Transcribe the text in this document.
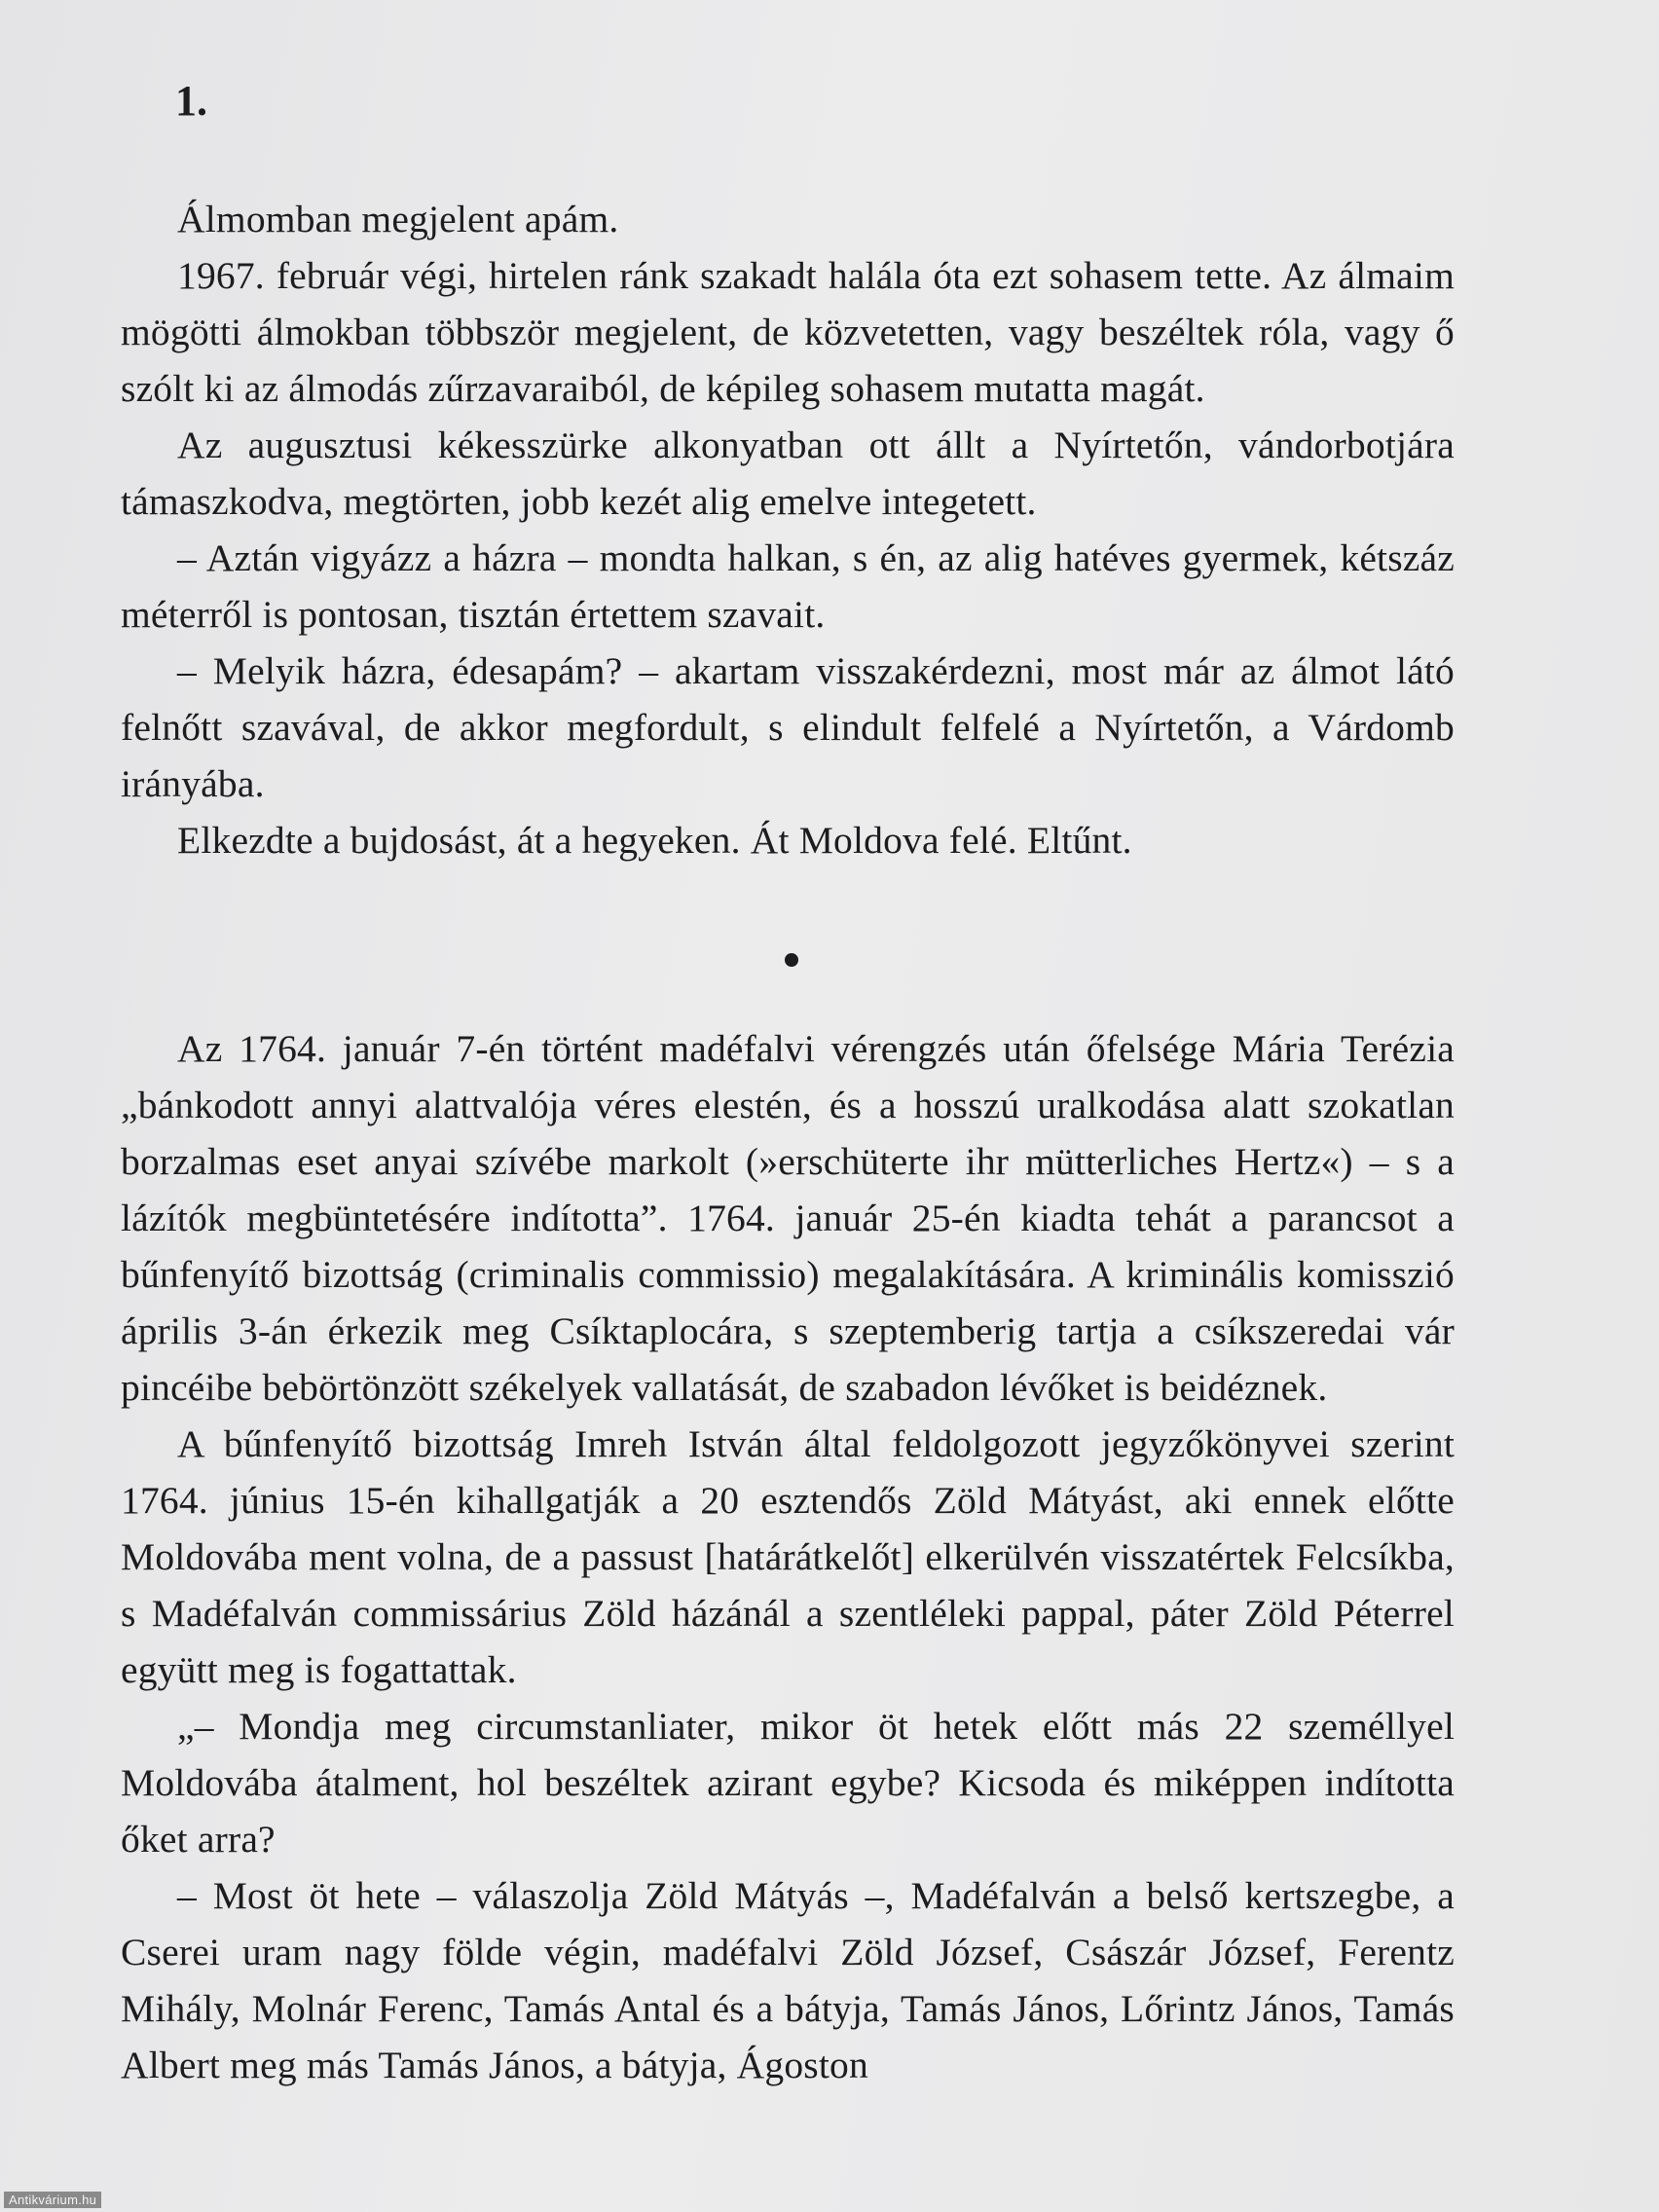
1.

Álmomban megjelent apám.

1967. február végi, hirtelen ránk szakadt halála óta ezt sohasem tette. Az álmaim mögötti álmokban többször megjelent, de közvetetten, vagy beszéltek róla, vagy ő szólt ki az álmodás zűrzavaraiból, de képileg sohasem mutatta magát.

Az augusztusi kékesszürke alkonyatban ott állt a Nyírtetőn, vándorbotjára támaszkodva, megtörten, jobb kezét alig emelve integetett.

– Aztán vigyázz a házra – mondta halkan, s én, az alig hatéves gyermek, kétszáz méterről is pontosan, tisztán értettem szavait.

– Melyik házra, édesapám? – akartam visszakérdezni, most már az álmot látó felnőtt szavával, de akkor megfordult, s elindult felfelé a Nyírtetőn, a Várdomb irányába.

Elkezdte a bujdosást, át a hegyeken. Át Moldova felé. Eltűnt.

Az 1764. január 7-én történt madéfalvi vérengzés után őfelsége Mária Terézia „bánkodott annyi alattvalója véres elestén, és a hosszú uralkodása alatt szokatlan borzalmas eset anyai szívébe markolt (»erschüterte ihr mütterliches Hertz«) – s a lázítók megbüntetésére indította”. 1764. január 25-én kiadta tehát a parancsot a bűnfenyítő bizottság (criminalis commissio) megalakítására. A kriminális komisszió április 3-án érkezik meg Csíktaplocára, s szeptemberig tartja a csíkszeredai vár pincéibe bebörtönzött székelyek vallatását, de szabadon lévőket is beidéznek.

A bűnfenyítő bizottság Imreh István által feldolgozott jegyzőkönyvei szerint 1764. június 15-én kihallgatják a 20 esztendős Zöld Mátyást, aki ennek előtte Moldovába ment volna, de a passust [határátkelőt] elkerülvén visszatértek Felcsíkba, s Madéfalván commissárius Zöld házánál a szentléleki pappal, páter Zöld Péterrel együtt meg is fogattattak.

„– Mondja meg circumstanliater, mikor öt hetek előtt más 22 személlyel Moldovába átalment, hol beszéltek azirant egybe? Kicsoda és miképpen indította őket arra?

– Most öt hete – válaszolja Zöld Mátyás –, Madéfalván a belső kertszegbe, a Cserei uram nagy földe végin, madéfalvi Zöld József, Császár József, Ferentz Mihály, Molnár Ferenc, Tamás Antal és a bátyja, Tamás János, Lőrintz János, Tamás Albert meg más Tamás János, a bátyja, Ágoston

Antikvárium.hu
